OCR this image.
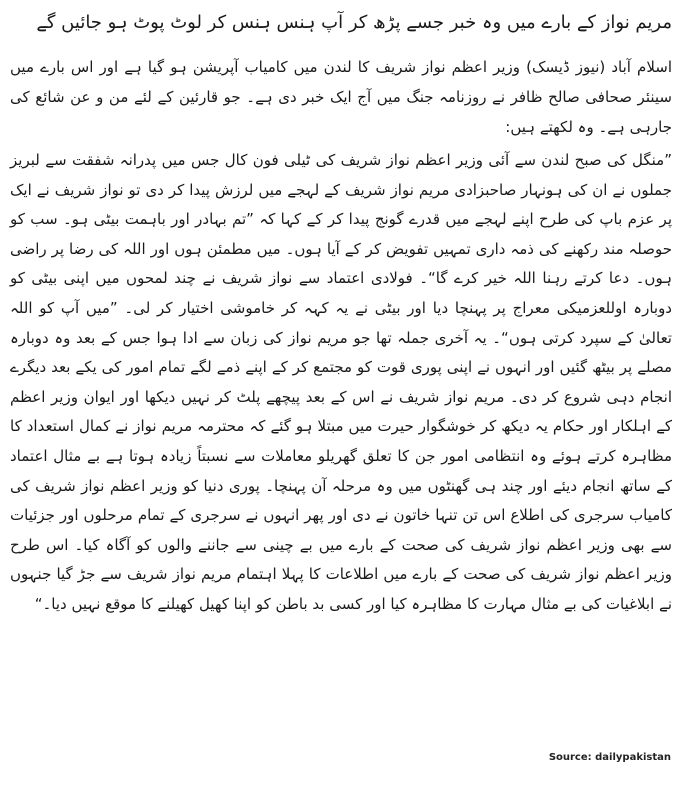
مریم نواز کے بارے میں وہ خبر جسے پڑھ کر آپ ہنس ہنس کر لوٹ پوٹ ہو جائیں گے

اسلام آباد (نیوز ڈیسک) وزیر اعظم نواز شریف کا لندن میں کامیاب آپریشن ہو گیا ہے اور اس بارے میں سینئر صحافی صالح ظافر نے روزنامہ جنگ میں آج ایک خبر دی ہے۔ جو قارئین کے لئے من و عن شائع کی جارہی ہے۔ وہ لکھتے ہیں:

”منگل کی صبح لندن سے آئی وزیر اعظم نواز شریف کی ٹیلی فون کال جس میں پدرانہ شفقت سے لبریز جملوں نے ان کی ہونہار صاحبزادی مریم نواز شریف کے لہجے میں لرزش پیدا کر دی تو نواز شریف نے ایک پر عزم باپ کی طرح اپنے لہجے میں قدرے گونج پیدا کر کے کہا کہ ”تم بہادر اور باہمت بیٹی ہو۔ سب کو حوصلہ مند رکھنے کی ذمہ داری تمہیں تفویض کر کے آیا ہوں۔ میں مطمئن ہوں اور اللہ کی رضا پر راضی ہوں۔ دعا کرتے رہنا اللہ خیر کرے گا“۔ فولادی اعتماد سے نواز شریف نے چند لمحوں میں اپنی بیٹی کو دوبارہ اوللعزمیکی معراج پر پہنچا دیا اور بیٹی نے یہ کہہ کر خاموشی اختیار کر لی۔ ”میں آپ کو اللہ تعالیٰ کے سپرد کرتی ہوں“۔ یہ آخری جملہ تھا جو مریم نواز کی زبان سے ادا ہوا جس کے بعد وہ دوبارہ مصلے پر بیٹھ گئیں اور انہوں نے اپنی پوری قوت کو مجتمع کر کے اپنے ذمے لگے تمام امور کی یکے بعد دیگرے انجام دہی شروع کر دی۔ مریم نواز شریف نے اس کے بعد پیچھے پلٹ کر نہیں دیکھا اور ایوان وزیر اعظم کے اہلکار اور حکام یہ دیکھ کر خوشگوار حیرت میں مبتلا ہو گئے کہ محترمہ مریم نواز نے کمال استعداد کا مظاہرہ کرتے ہوئے وہ انتظامی امور جن کا تعلق گھریلو معاملات سے نسبتاً زیادہ ہوتا ہے بے مثال اعتماد کے ساتھ انجام دیئے اور چند ہی گھنٹوں میں وہ مرحلہ آن پہنچا۔ پوری دنیا کو وزیر اعظم نواز شریف کی کامیاب سرجری کی اطلاع اس تن تنہا خاتون نے دی اور پھر انہوں نے سرجری کے تمام مرحلوں اور جزئیات سے بھی وزیر اعظم نواز شریف کی صحت کے بارے میں بے چینی سے جاننے والوں کو آگاہ کیا۔ اس طرح وزیر اعظم نواز شریف کی صحت کے بارے میں اطلاعات کا پہلا اہتمام مریم نواز شریف سے جڑ گیا جنہوں نے ابلاغیات کی بے مثال مہارت کا مظاہرہ کیا اور کسی بد باطن کو اپنا کھیل کھیلنے کا موقع نہیں دیا۔“

Source: dailypakistan
